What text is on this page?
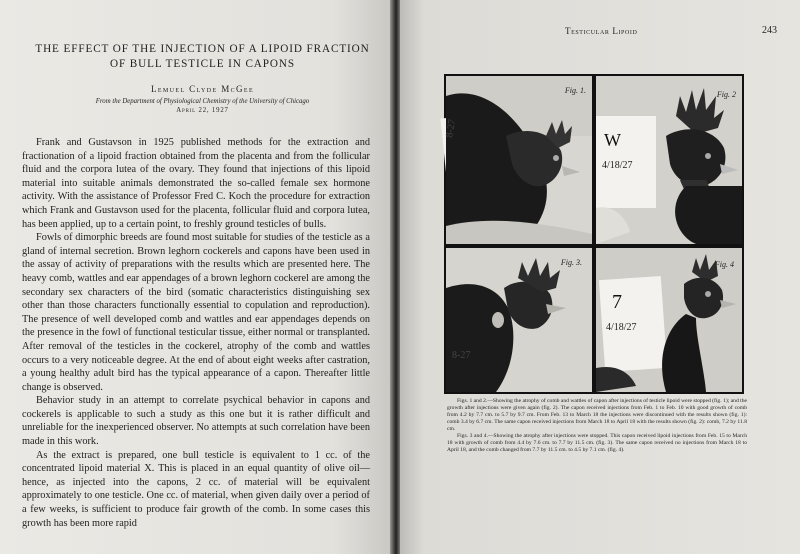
THE EFFECT OF THE INJECTION OF A LIPOID FRACTION OF BULL TESTICLE IN CAPONS
Lemuel Clyde McGee
From the Department of Physiological Chemistry of the University of Chicago
April 22, 1927

Frank and Gustavson in 1925 published methods for the extraction and fractionation of a lipoid fraction obtained from the placenta and from the follicular fluid and the corpora lutea of the ovary. They found that injections of this lipoid material into suitable animals demonstrated the so-called female sex hormone activity. With the assistance of Professor Fred C. Koch the procedure for extraction which Frank and Gustavson used for the placenta, follicular fluid and corpora lutea, has been applied, up to a certain point, to freshly ground testicles of bulls.

Fowls of dimorphic breeds are found most suitable for studies of the testicle as a gland of internal secretion. Brown leghorn cockerels and capons have been used in the assay of activity of preparations with the results which are presented here. The heavy comb, wattles and ear appendages of a brown leghorn cockerel are among the secondary sex characters of the bird (somatic characteristics distinguishing sex other than those characters functionally essential to copulation and reproduction). The presence of well developed comb and wattles and ear appendages depends on the presence in the fowl of functional testicular tissue, either normal or transplanted. After removal of the testicles in the cockerel, atrophy of the comb and wattles occurs to a very noticeable degree. At the end of about eight weeks after castration, a young healthy adult bird has the typical appearance of a capon. Thereafter little change is observed.

Behavior study in an attempt to correlate psychical behavior in capons and cockerels is applicable to such a study as this one but it is rather difficult and unreliable for the inexperienced observer. No attempts at such correlation have been made in this work.

As the extract is prepared, one bull testicle is equivalent to 1 cc. of the concentrated lipoid material X. This is placed in an equal quantity of olive oil—hence, as injected into the capons, 2 cc. of material will be equivalent approximately to one testicle. One cc. of material, when given daily over a period of a few weeks, is sufficient to produce fair growth of the comb. In some cases this growth has been more rapid

Testicular Lipoid	243
8-27
Fig. 1.
W
4/18/27
Fig. 2
8-27
Fig. 3.
7
4/18/27
Fig. 4

Figs. 1 and 2.—Showing the atrophy of comb and wattles of capon after injections of testicle lipoid were stopped (fig. 1); and the growth after injections were given again (fig. 2). The capon received injections from Feb. 1 to Feb. 10 with good growth of comb from 4.2 by 7.7 cm. to 5.7 by 9.7 cm. From Feb. 13 to March 18 the injections were discontinued with the results shown (fig. 1): comb 3.4 by 6.7 cm. The same capon received injections from March 18 to April 18 with the results shown (fig. 2): comb, 7.2 by 11.8 cm.

Figs. 3 and 4.—Showing the atrophy after injections were stopped. This capon received lipoid injections from Feb. 15 to March 18 with growth of comb from 4.4 by 7.6 cm. to 7.7 by 11.5 cm. (fig. 3). The same capon received no injections from March 18 to April 18, and the comb changed from 7.7 by 11.5 cm. to 4.5 by 7.1 cm. (fig. 4).
